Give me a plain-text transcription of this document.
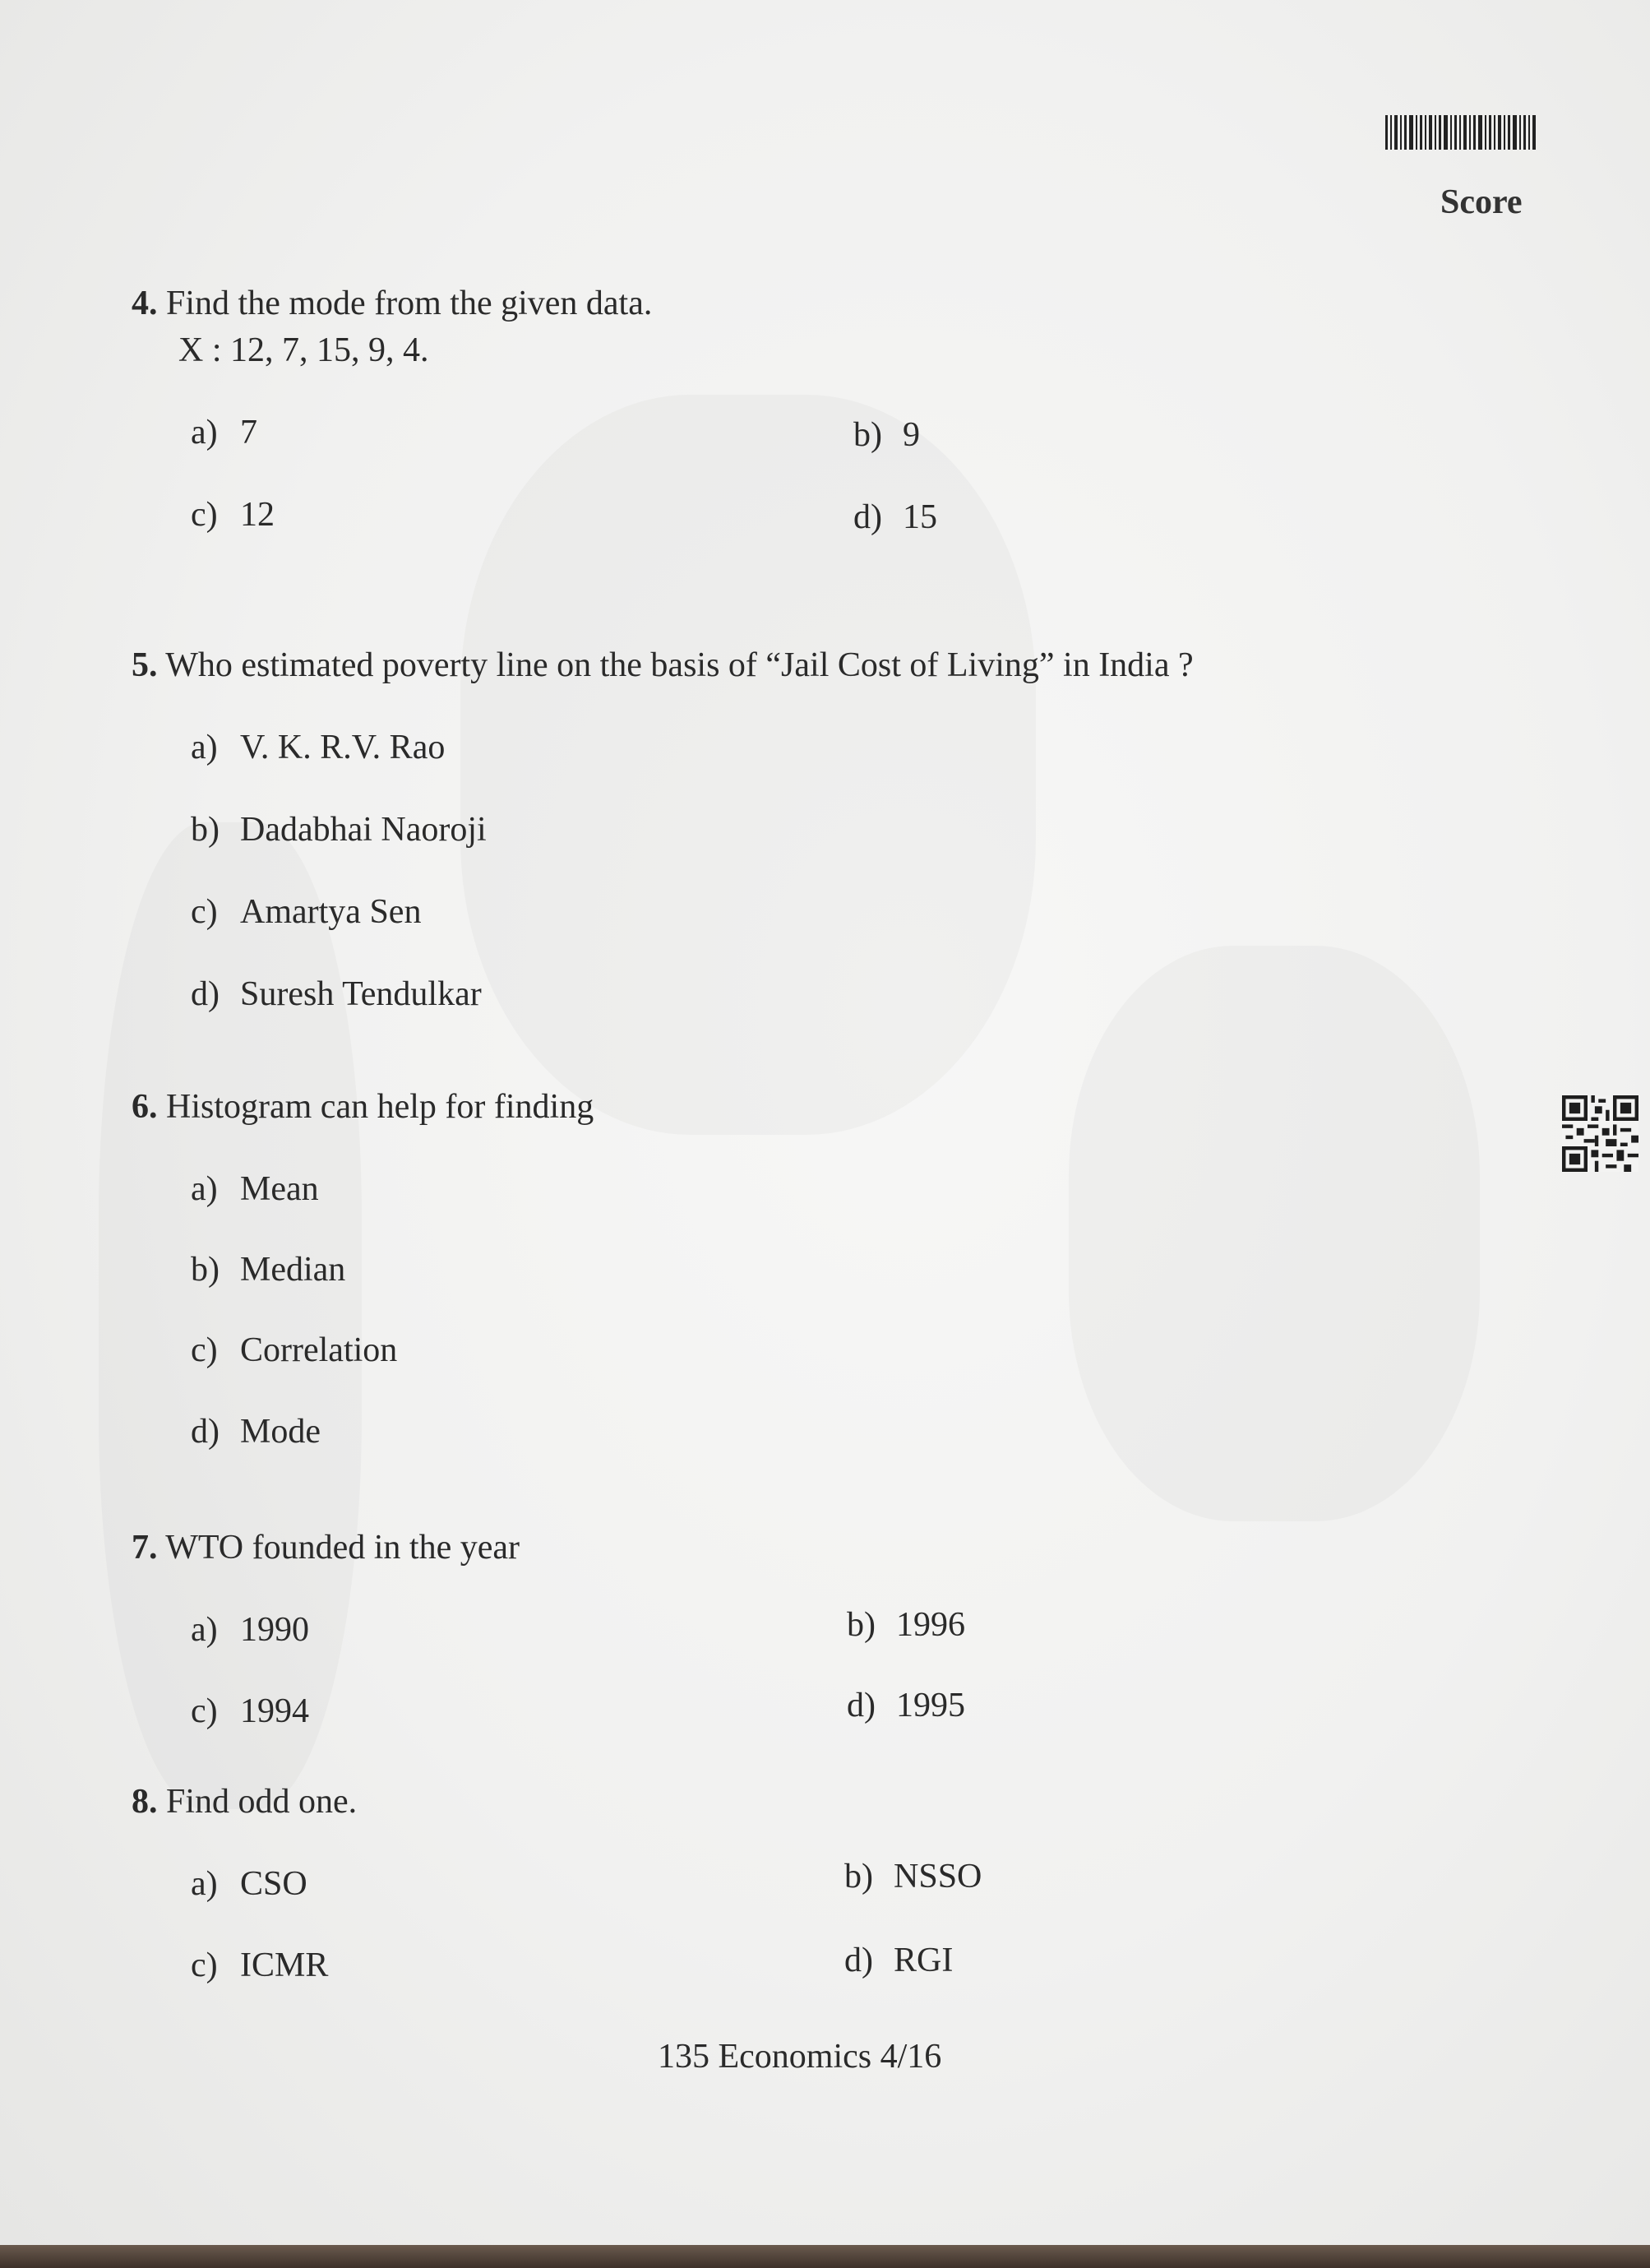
Score
4. Find the mode from the given data.
X : 12, 7, 15, 9, 4.
a) 7	b) 9
c) 12	d) 15
5. Who estimated poverty line on the basis of “Jail Cost of Living” in India ?
a) V. K. R.V. Rao
b) Dadabhai Naoroji
c) Amartya Sen
d) Suresh Tendulkar
6. Histogram can help for finding
a) Mean
b) Median
c) Correlation
d) Mode
7. WTO founded in the year
a) 1990	b) 1996
c) 1994	d) 1995
8. Find odd one.
a) CSO	b) NSSO
c) ICMR	d) RGI
135 Economics 4/16
